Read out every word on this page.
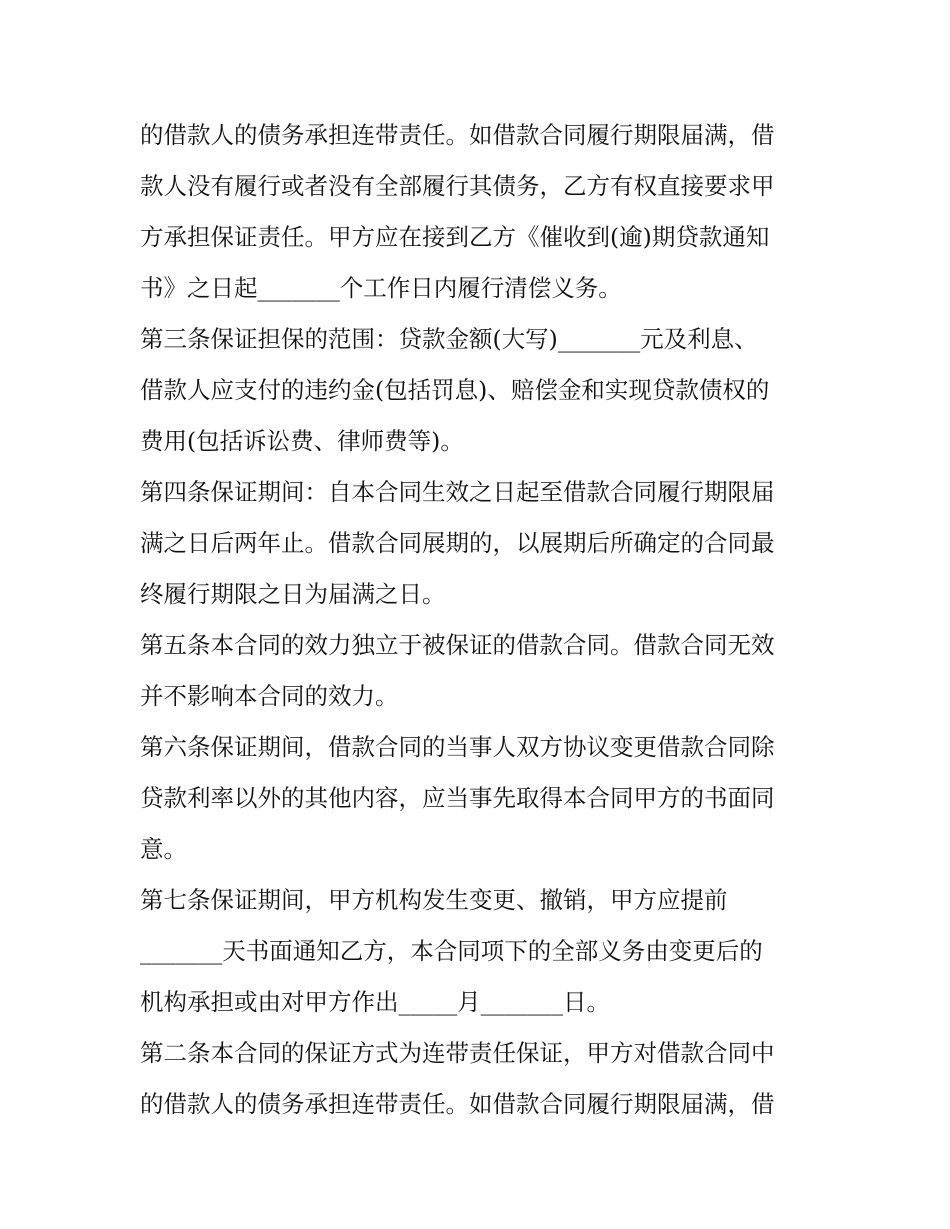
的借款人的债务承担连带责任。如借款合同履行期限届满，借
款人没有履行或者没有全部履行其债务，乙方有权直接要求甲
方承担保证责任。甲方应在接到乙方《催收到(逾)期贷款通知
书》之日起_______个工作日内履行清偿义务。
第三条保证担保的范围：贷款金额(大写)_______元及利息、
借款人应支付的违约金(包括罚息)、赔偿金和实现贷款债权的
费用(包括诉讼费、律师费等)。
第四条保证期间：自本合同生效之日起至借款合同履行期限届
满之日后两年止。借款合同展期的，以展期后所确定的合同最
终履行期限之日为届满之日。
第五条本合同的效力独立于被保证的借款合同。借款合同无效
并不影响本合同的效力。
第六条保证期间，借款合同的当事人双方协议变更借款合同除
贷款利率以外的其他内容，应当事先取得本合同甲方的书面同
意。
第七条保证期间，甲方机构发生变更、撤销，甲方应提前
_______天书面通知乙方，本合同项下的全部义务由变更后的
机构承担或由对甲方作出_____月_______日。
第二条本合同的保证方式为连带责任保证，甲方对借款合同中
的借款人的债务承担连带责任。如借款合同履行期限届满，借
